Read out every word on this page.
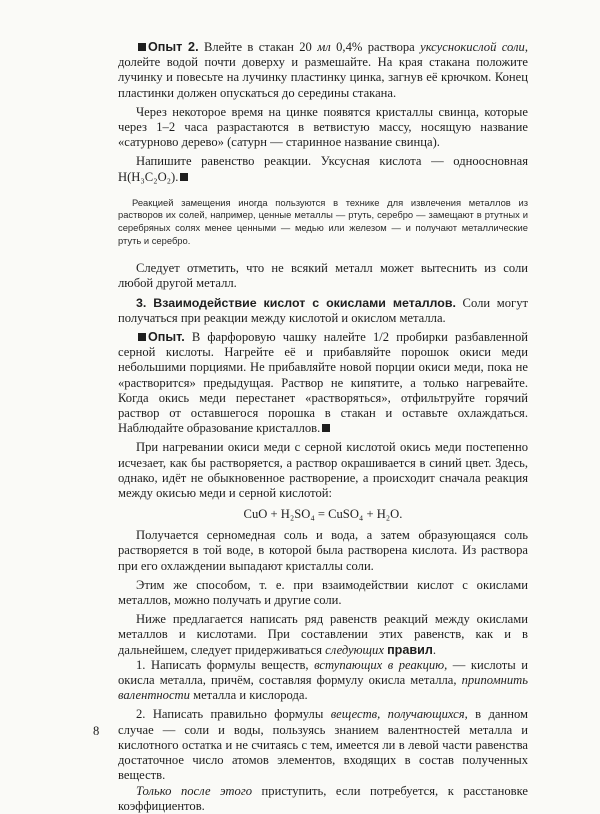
Опыт 2. Влейте в стакан 20 мл 0,4% раствора уксуснокислой соли, долейте водой почти доверху и размешайте. На края стакана положите лучинку и повесьте на лучинку пластинку цинка, загнув её крючком. Конец пластинки должен опускаться до середины стакана.

Через некоторое время на цинке появятся кристаллы свинца, которые через 1–2 часа разрастаются в ветвистую массу, носящую название «сатурново дерево» (сатурн — старинное название свинца).

Напишите равенство реакции. Уксусная кислота — одноосновная H(H₃C₂O₂).

Реакцией замещения иногда пользуются в технике для извлечения металлов из растворов их солей, например, ценные металлы — ртуть, серебро — замещают в ртутных и серебряных солях менее ценными — медью или железом — и получают металлические ртуть и серебро.

Следует отметить, что не всякий металл может вытеснить из соли любой другой металл.

3. Взаимодействие кислот с окислами металлов. Соли могут получаться при реакции между кислотой и окислом металла.

Опыт. В фарфоровую чашку налейте 1/2 пробирки разбавленной серной кислоты. Нагрейте её и прибавляйте порошок окиси меди небольшими порциями. Не прибавляйте новой порции окиси меди, пока не «растворится» предыдущая. Раствор не кипятите, а только нагревайте. Когда окись меди перестанет «растворяться», отфильтруйте горячий раствор от оставшегося порошка в стакан и оставьте охлаждаться. Наблюдайте образование кристаллов.

При нагревании окиси меди с серной кислотой окись меди постепенно исчезает, как бы растворяется, а раствор окрашивается в синий цвет. Здесь, однако, идёт не обыкновенное растворение, а происходит сначала реакция между окисью меди и серной кислотой:

CuO + H₂SO₄ = CuSO₄ + H₂O.

Получается сернoмедная соль и вода, а затем образующаяся соль растворяется в той воде, в которой была растворена кислота. Из раствора при его охлаждении выпадают кристаллы соли.

Этим же способом, т. е. при взаимодействии кислот с окислами металлов, можно получать и другие соли.

Ниже предлагается написать ряд равенств реакций между окислами металлов и кислотами. При составлении этих равенств, как и в дальнейшем, следует придерживаться следующих правил.

1. Написать формулы веществ, вступающих в реакцию, — кислоты и окисла металла, причём, составляя формулу окисла металла, припомнить валентности металла и кислорода.

2. Написать правильно формулы веществ, получающихся, в данном случае — соли и воды, пользуясь знанием валентностей металла и кислотного остатка и не считаясь с тем, имеется ли в левой части равенства достаточное число атомов элементов, входящих в состав полученных веществ.

Только после этого приступить, если потребуется, к расстановке коэффициентов.

8
